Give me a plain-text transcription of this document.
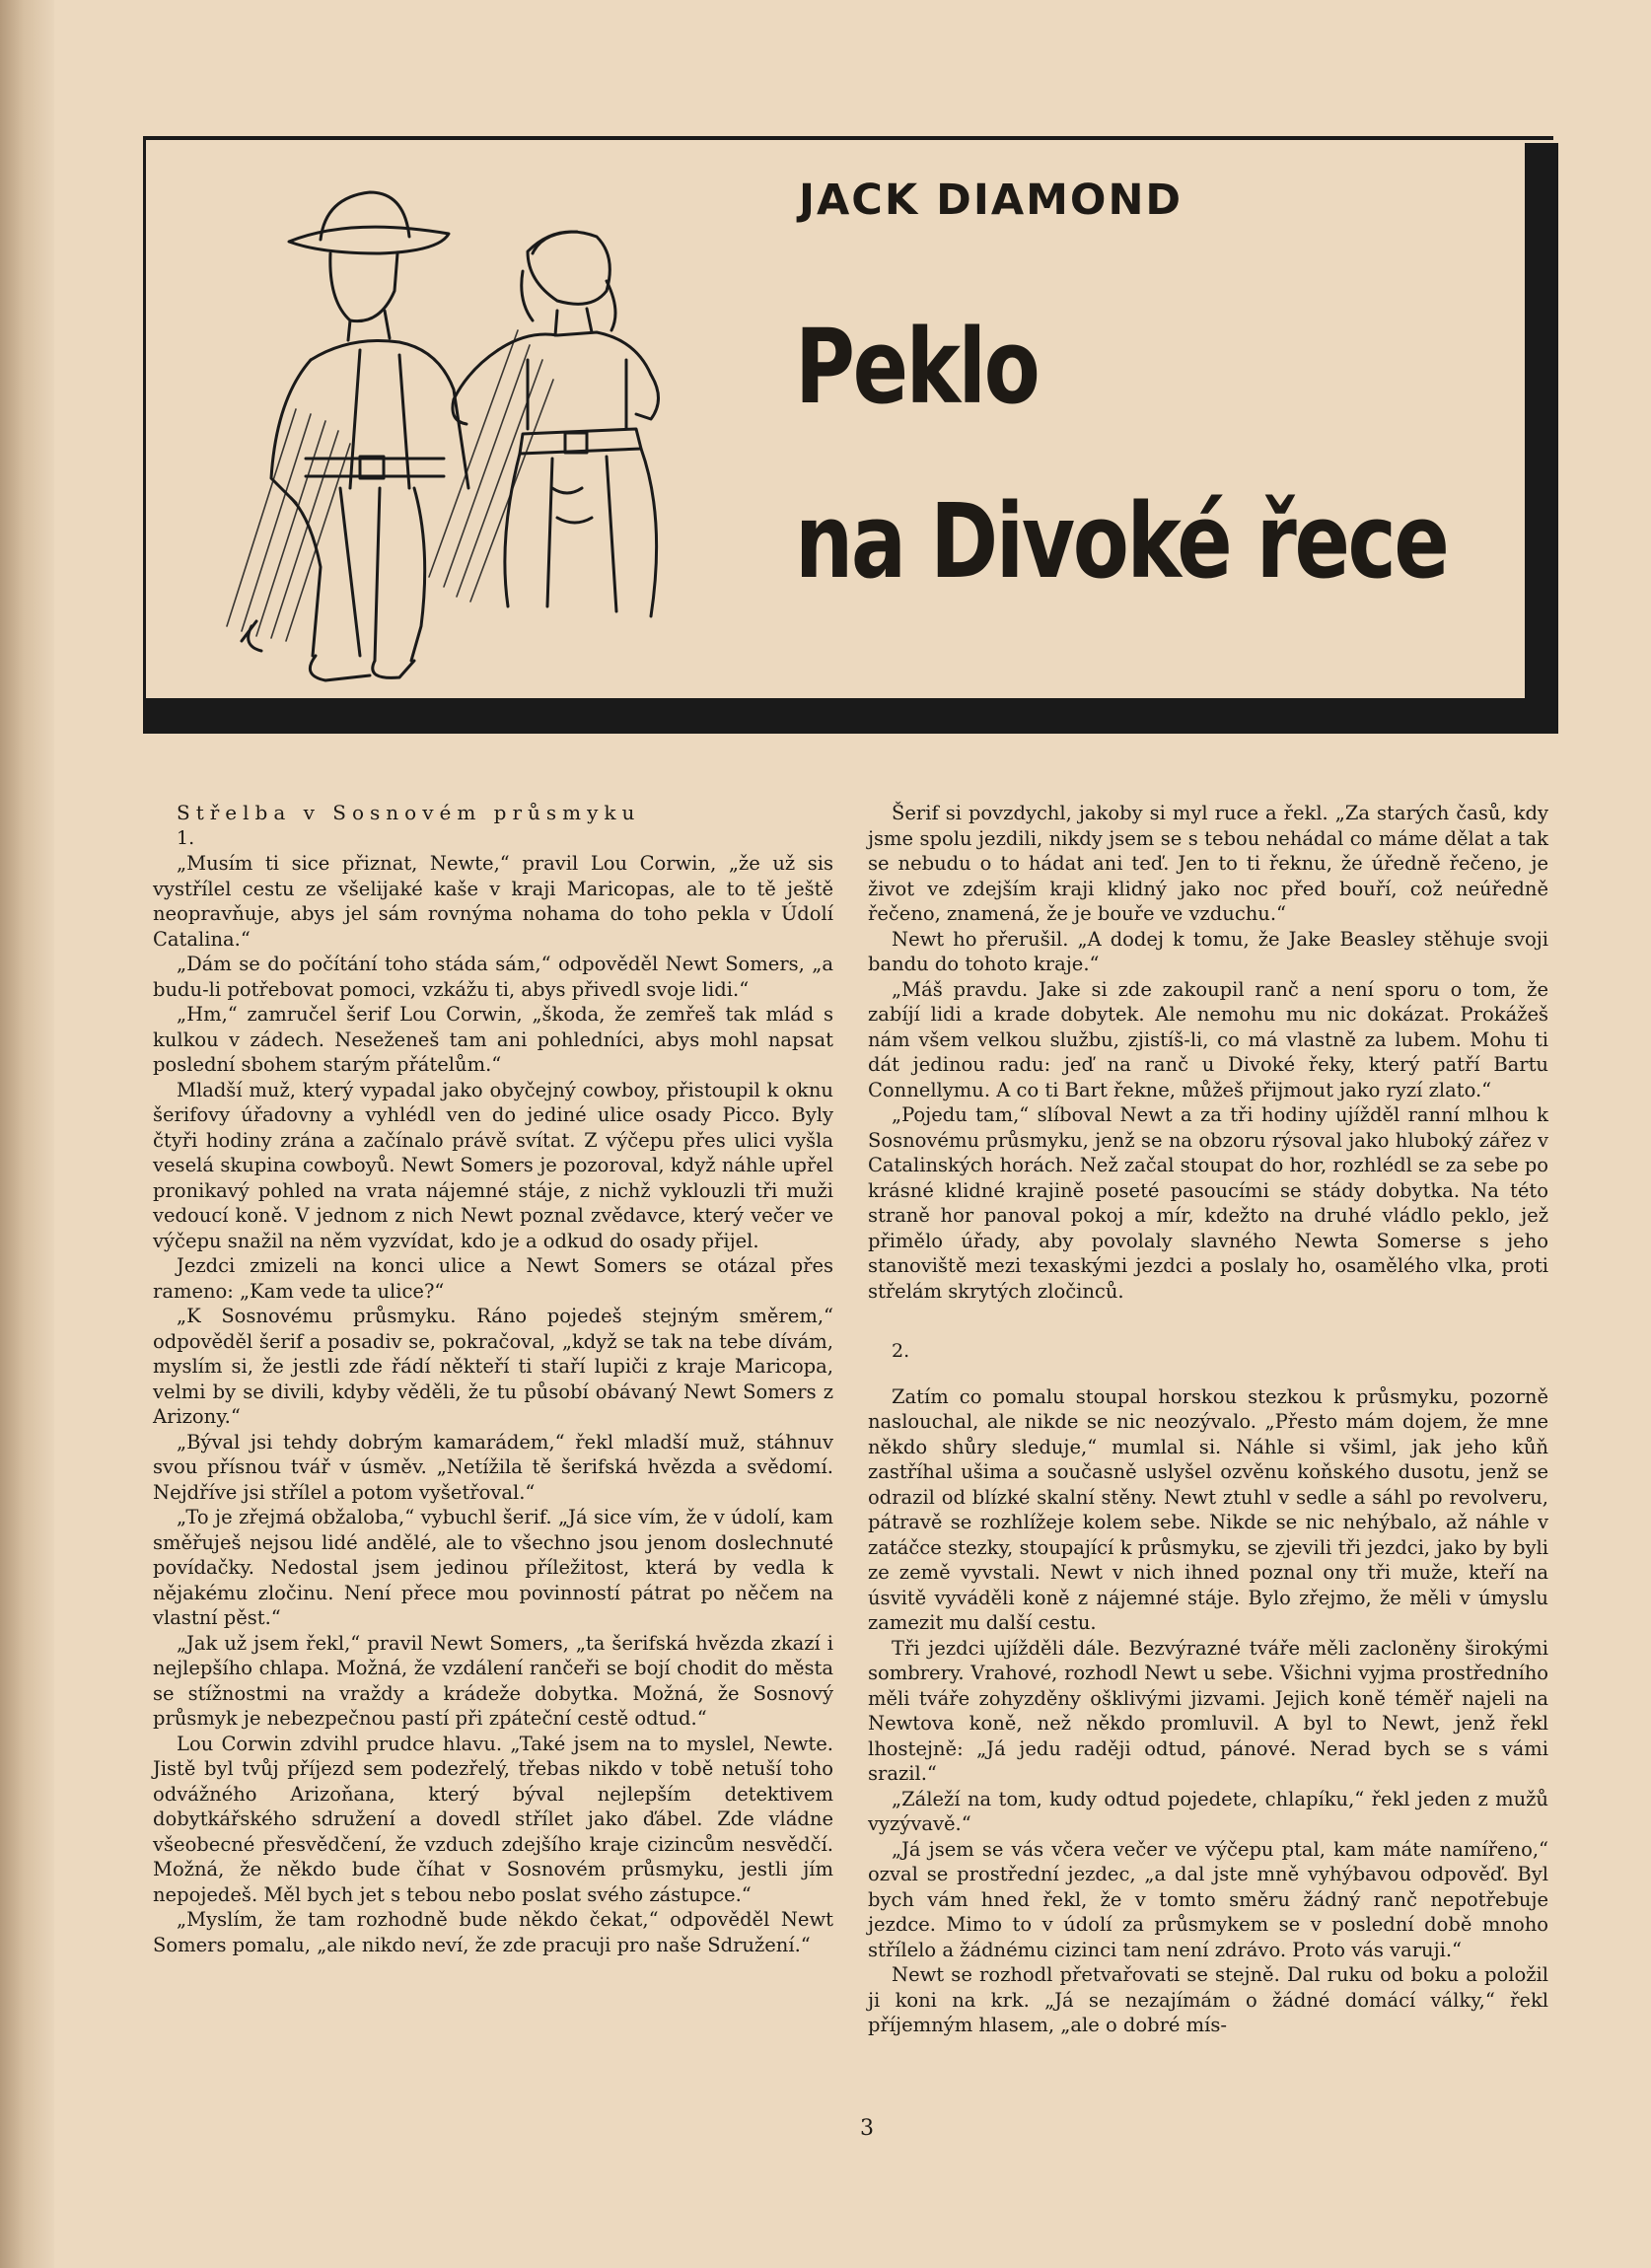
JACK DIAMOND
Peklo
na Divoké řece

Střelba v Sosnovém průsmyku

1.

„Musím ti sice přiznat, Newte,“ pravil Lou Corwin, „že už sis vystřílel cestu ze všelijaké kaše v kraji Maricopas, ale to tě ještě neopravňuje, abys jel sám rovnýma nohama do toho pekla v Údolí Catalina.“

„Dám se do počítání toho stáda sám,“ odpověděl Newt Somers, „a budu-li potřebovat pomoci, vzkážu ti, abys přivedl svoje lidi.“

„Hm,“ zamručel šerif Lou Corwin, „škoda, že zemřeš tak mlád s kulkou v zádech. Neseženeš tam ani pohledníci, abys mohl napsat poslední sbohem starým přátelům.“

Mladší muž, který vypadal jako obyčejný cowboy, přistoupil k oknu šerifovy úřadovny a vyhlédl ven do jediné ulice osady Picco. Byly čtyři hodiny zrána a začínalo právě svítat. Z výčepu přes ulici vyšla veselá skupina cowboyů. Newt Somers je pozoroval, když náhle upřel pronikavý pohled na vrata nájemné stáje, z nichž vyklouzli tři muži vedoucí koně. V jednom z nich Newt poznal zvědavce, který večer ve výčepu snažil na něm vyzvídat, kdo je a odkud do osady přijel.

Jezdci zmizeli na konci ulice a Newt Somers se otázal přes rameno: „Kam vede ta ulice?“

„K Sosnovému průsmyku. Ráno pojedeš stejným směrem,“ odpověděl šerif a posadiv se, pokračoval, „když se tak na tebe dívám, myslím si, že jestli zde řádí někteří ti staří lupiči z kraje Maricopa, velmi by se divili, kdyby věděli, že tu působí obávaný Newt Somers z Arizony.“

„Býval jsi tehdy dobrým kamarádem,“ řekl mladší muž, stáhnuv svou přísnou tvář v úsměv. „Netížila tě šerifská hvězda a svědomí. Nejdříve jsi střílel a potom vyšetřoval.“

„To je zřejmá obžaloba,“ vybuchl šerif. „Já sice vím, že v údolí, kam směřuješ nejsou lidé andělé, ale to všechno jsou jenom doslechnuté povídačky. Nedostal jsem jedinou příležitost, která by vedla k nějakému zločinu. Není přece mou povinností pátrat po něčem na vlastní pěst.“

„Jak už jsem řekl,“ pravil Newt Somers, „ta šerifská hvězda zkazí i nejlepšího chlapa. Možná, že vzdálení rančeři se bojí chodit do města se stížnostmi na vraždy a krádeže dobytka. Možná, že Sosnový průsmyk je nebezpečnou pastí při zpáteční cestě odtud.“

Lou Corwin zdvihl prudce hlavu. „Také jsem na to myslel, Newte. Jistě byl tvůj příjezd sem podezřelý, třebas nikdo v tobě netuší toho odvážného Arizoňana, který býval nejlepším detektivem dobytkářského sdružení a dovedl střílet jako ďábel. Zde vládne všeobecné přesvědčení, že vzduch zdejšího kraje cizincům nesvědčí. Možná, že někdo bude číhat v Sosnovém průsmyku, jestli jím nepojedeš. Měl bych jet s tebou nebo poslat svého zástupce.“

„Myslím, že tam rozhodně bude někdo čekat,“ odpověděl Newt Somers pomalu, „ale nikdo neví, že zde pracuji pro naše Sdružení.“

Šerif si povzdychl, jakoby si myl ruce a řekl. „Za starých časů, kdy jsme spolu jezdili, nikdy jsem se s tebou nehádal co máme dělat a tak se nebudu o to hádat ani teď. Jen to ti řeknu, že úředně řečeno, je život ve zdejším kraji klidný jako noc před bouří, což neúředně řečeno, znamená, že je bouře ve vzduchu.“

Newt ho přerušil. „A dodej k tomu, že Jake Beasley stěhuje svoji bandu do tohoto kraje.“

„Máš pravdu. Jake si zde zakoupil ranč a není sporu o tom, že zabíjí lidi a krade dobytek. Ale nemohu mu nic dokázat. Prokážeš nám všem velkou službu, zjistíš-li, co má vlastně za lubem. Mohu ti dát jedinou radu: jeď na ranč u Divoké řeky, který patří Bartu Connellymu. A co ti Bart řekne, můžeš přijmout jako ryzí zlato.“

„Pojedu tam,“ slíboval Newt a za tři hodiny ujížděl ranní mlhou k Sosnovému průsmyku, jenž se na obzoru rýsoval jako hluboký zářez v Catalinských horách. Než začal stoupat do hor, rozhlédl se za sebe po krásné klidné krajině poseté pasoucími se stády dobytka. Na této straně hor panoval pokoj a mír, kdežto na druhé vládlo peklo, jež přimělo úřady, aby povolaly slavného Newta Somerse s jeho stanoviště mezi texaskými jezdci a poslaly ho, osamělého vlka, proti střelám skrytých zločinců.

2.

Zatím co pomalu stoupal horskou stezkou k průsmyku, pozorně naslouchal, ale nikde se nic neozývalo. „Přesto mám dojem, že mne někdo shůry sleduje,“ mumlal si. Náhle si všiml, jak jeho kůň zastříhal ušima a současně uslyšel ozvěnu koňského dusotu, jenž se odrazil od blízké skalní stěny. Newt ztuhl v sedle a sáhl po revolveru, pátravě se rozhlížeje kolem sebe. Nikde se nic nehýbalo, až náhle v zatáčce stezky, stoupající k průsmyku, se zjevili tři jezdci, jako by byli ze země vyvstali. Newt v nich ihned poznal ony tři muže, kteří na úsvitě vyváděli koně z nájemné stáje. Bylo zřejmo, že měli v úmyslu zamezit mu další cestu.

Tři jezdci ujížděli dále. Bezvýrazné tváře měli zacloněny širokými sombrery. Vrahové, rozhodl Newt u sebe. Všichni vyjma prostředního měli tváře zohyzděny ošklivými jizvami. Jejich koně téměř najeli na Newtova koně, než někdo promluvil. A byl to Newt, jenž řekl lhostejně: „Já jedu raději odtud, pánové. Nerad bych se s vámi srazil.“

„Záleží na tom, kudy odtud pojedete, chlapíku,“ řekl jeden z mužů vyzývavě.“

„Já jsem se vás včera večer ve výčepu ptal, kam máte namířeno,“ ozval se prostřední jezdec, „a dal jste mně vyhýbavou odpověď. Byl bych vám hned řekl, že v tomto směru žádný ranč nepotřebuje jezdce. Mimo to v údolí za průsmykem se v poslední době mnoho střílelo a žádnému cizinci tam není zdrávo. Proto vás varuji.“

Newt se rozhodl přetvařovati se stejně. Dal ruku od boku a položil ji koni na krk. „Já se nezajímám o žádné domácí války,“ řekl příjemným hlasem, „ale o dobré mís-

3
